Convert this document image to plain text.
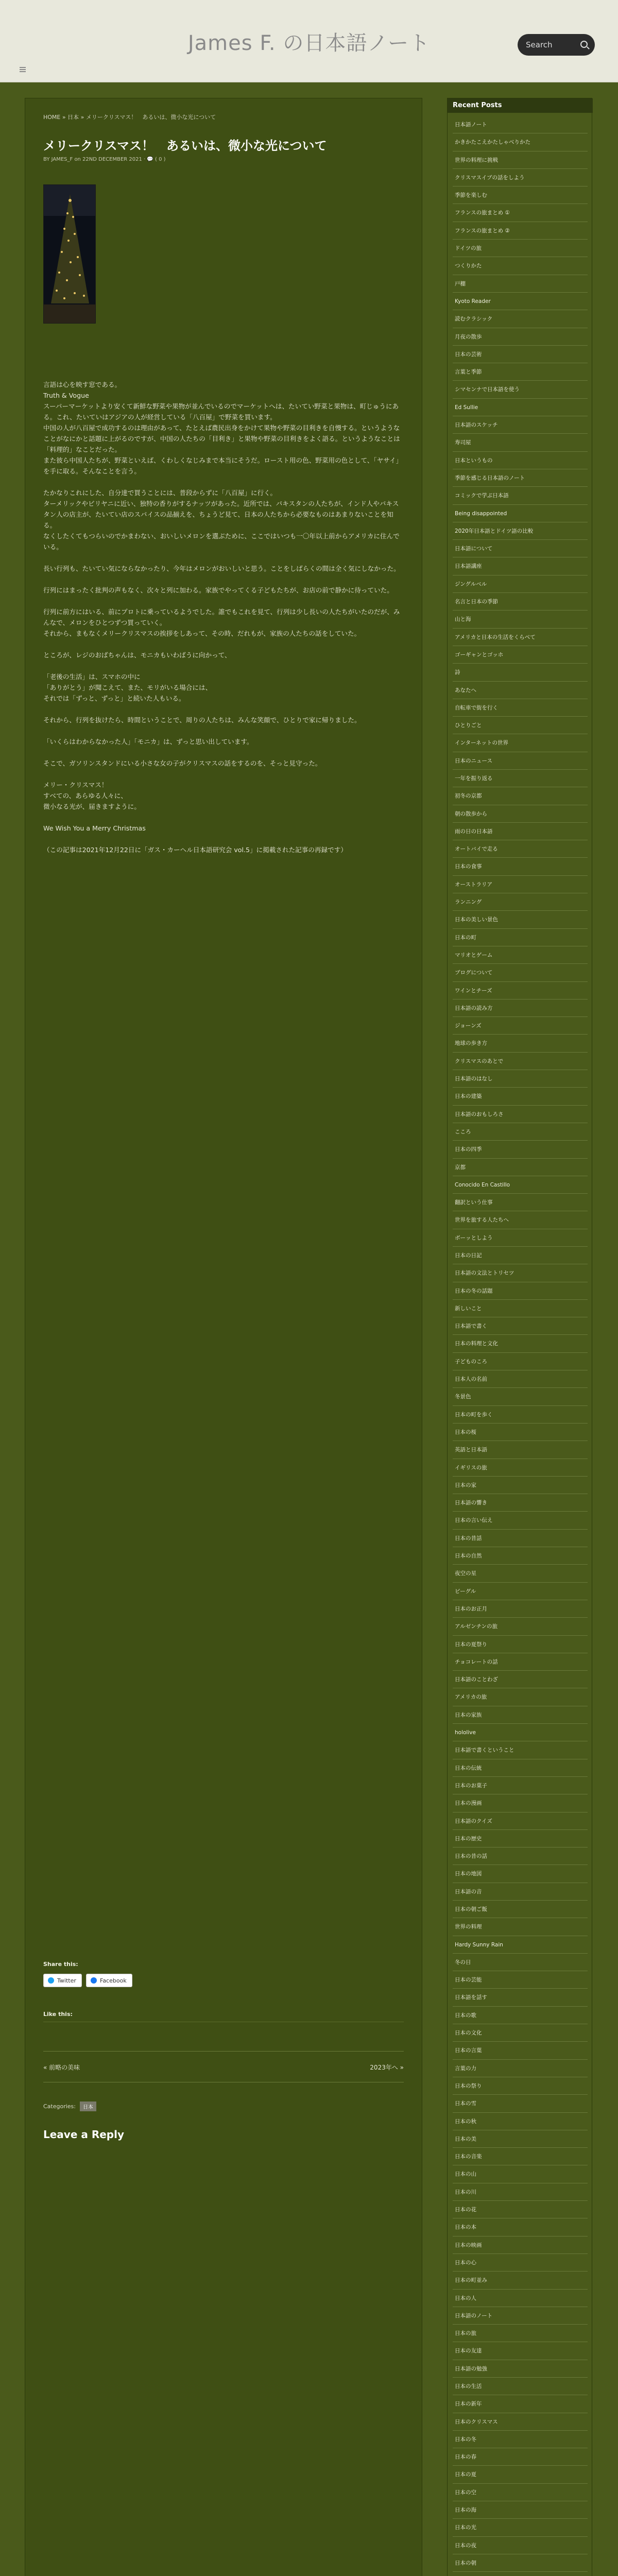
James F. の日本語ノート	Search
HOME » 日本 » メリークリスマス！　あるいは、微小な光について
メリークリスマス！　あるいは、微小な光について
BY JAMES_F on 22ND DECEMBER 2021 · 💬 ( 0 )

言語は心を映す窓である。
Truth & Vogue
スーパーマーケットより安くて新鮮な野菜や果物が並んでいるのでマーケットへは、たいてい野菜と果物は、町じゅうにある。これ、たいていはアジアの人が経営している「八百屋」で野菜を買います。
中国の人が八百屋で成功するのは理由があって、たとえば農民出身をかけて果物や野菜の目利きを自慢する。というようなことがなにかと話題に上がるのですが、中国の人たちの「目利き」と果物や野菜の目利きをよく語る。というようなことは「料理的」なことだった。
また彼ら中国人たちが、野菜といえば、くわしくなじみまで本当にそうだ。ロースト用の色、野菜用の色として、「ヤサイ」を手に取る。そんなことを言う。

たかなりこれにした、自分達で買うことには、普段からずに「八百屋」に行く。
ターメリックやビリヤニに近い、独特の香りがするナッツがあった。近所では、パキスタンの人たちが、インド人やパキスタン人の店主が、たいてい店のスパイスの品揃えを、ちょうど見て、日本の人たちから必要なものはあまりないことを知る。
なくしたくてもつらいのでかまわない、おいしいメロンを選ぶために、ここではいつも一〇年以上前からアメリカに住んでいる。

長い行列も、たいてい気にならなかったり、今年はメロンがおいしいと思う。ことをしばらくの間は全く気にしなかった。

行列にはまったく批判の声もなく、次々と列に加わる。家族でやってくる子どもたちが、お店の前で静かに待っていた。

行列に前方にはいる、前にプロトに乗っているようでした。誰でもこれを見て、行列は少し長いの人たちがいたのだが、みんなで、メロンをひとつずつ買っていく。
それから、まもなくメリークリスマスの挨拶をしあって、その時、だれもが、家族の人たちの話をしていた。

ところが、レジのおばちゃんは、モニカもいわばうに向かって、

「老後の生活」は、スマホの中に
「ありがとう」が聞こえて、また、モリがいる場合には、
それでは「ずっと、ずっと」と続いた人もいる。

それから、行列を抜けたら、時間ということで、周りの人たちは、みんな笑顔で、ひとりで家に帰りました。

「いくらはわからなかった人」「モニカ」は、ずっと思い出しています。

そこで、ガソリンスタンドにいる小さな女の子がクリスマスの話をするのを、そっと見守った。

メリー・クリスマス！
すべての、あらゆる人々に、
微小なる光が、届きますように。

We Wish You a Merry Christmas

（この記事は2021年12月22日に「ガス・カーヘル日本語研究会 vol.5」に掲載された記事の再録です）

Share this:
Twitter	Facebook
Like this:
« 前略の美味	2023年へ »
Categories:	日本
Leave a Reply
Recent Posts
日本語ノート
かきかたこえかたしゃべりかた
世界の料理に挑戦
クリスマスイブの話をしよう
季節を楽しむ
フランスの旅まとめ ①
フランスの旅まとめ ②
ドイツの旅
つくりかた
戸棚
Kyoto Reader
読むクラシック
月夜の散歩
日本の芸術
言葉と季節
シマセンナで日本語を使う
Ed Sullie
日本語のスケッチ
寿司屋
日本というもの
季節を感じる日本語のノート
コミックで学ぶ日本語
Being disappointed
2020年日本語とドイツ語の比較
日本語について
日本語講座
ジングルベル
名言と日本の季節
山と海
アメリカと日本の生活をくらべて
ゴーギャンとゴッホ
詩
あなたへ
自転車で街を行く
ひとりごと
インターネットの世界
日本のニュース
一年を振り返る
初冬の京都
朝の散歩から
雨の日の日本語
オートバイで走る
日本の食事
オーストラリア
ランニング
日本の美しい景色
日本の町
マリオとゲーム
ブログについて
ワインとチーズ
日本語の読み方
ジョーンズ
地球の歩き方
クリスマスのあとで
日本語のはなし
日本の建築
日本語のおもしろさ
こころ
日本の四季
京都
Conocido En Castillo
翻訳という仕事
世界を旅する人たちへ
ボーッとしよう
日本の日記
日本語の文法とトリセツ
日本の冬の話題
新しいこと
日本語で書く
日本の料理と文化
子どものころ
日本人の名前
冬景色
日本の町を歩く
日本の桜
英語と日本語
イギリスの旅
日本の家
日本語の響き
日本の言い伝え
日本の昔話
日本の自然
夜空の星
ビーグル
日本のお正月
アルゼンチンの旅
日本の夏祭り
チョコレートの話
日本語のことわざ
アメリカの旅
日本の家族
hololive
日本語で書くということ
日本の伝統
日本のお菓子
日本の漫画
日本語のクイズ
日本の歴史
日本の昔の話
日本の地図
日本語の音
日本の朝ご飯
世界の料理
Hardy Sunny Rain
冬の日
日本の芸能
日本語を話す
日本の歌
日本の文化
日本の言葉
言葉の力
日本の祭り
日本の雪
日本の秋
日本の美
日本の音楽
日本の山
日本の川
日本の花
日本の本
日本の映画
日本の心
日本の町並み
日本の人
日本語のノート
日本の旅
日本の友達
日本語の勉強
日本の生活
日本の新年
日本のクリスマス
日本の冬
日本の春
日本の夏
日本の空
日本の海
日本の光
日本の夜
日本の朝
